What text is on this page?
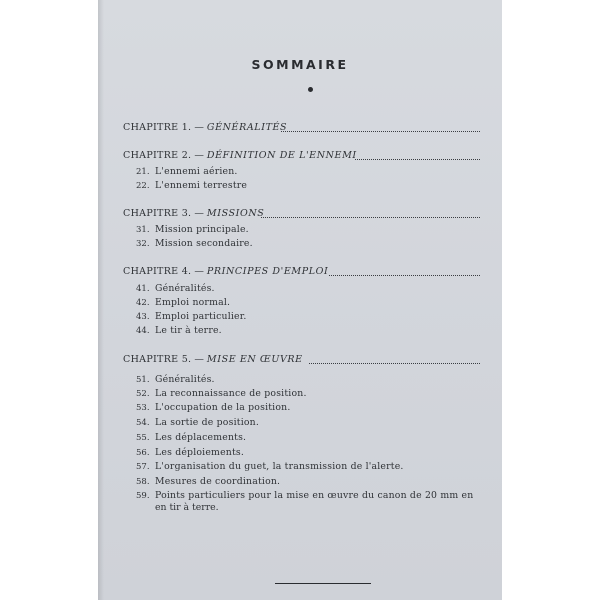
SOMMAIRE
CHAPITRE 1. — GÉNÉRALITÉS
CHAPITRE 2. — DÉFINITION DE L'ENNEMI
21. L'ennemi aérien.
22. L'ennemi terrestre
CHAPITRE 3. — MISSIONS
31. Mission principale.
32. Mission secondaire.
CHAPITRE 4. — PRINCIPES D'EMPLOI
41. Généralités.
42. Emploi normal.
43. Emploi particulier.
44. Le tir à terre.
CHAPITRE 5. — MISE EN ŒUVRE
51. Généralités.
52. La reconnaissance de position.
53. L'occupation de la position.
54. La sortie de position.
55. Les déplacements.
56. Les déploiements.
57. L'organisation du guet, la transmission de l'alerte.
58. Mesures de coordination.
59. Points particuliers pour la mise en œuvre du canon de 20 mm en
en tir à terre.
